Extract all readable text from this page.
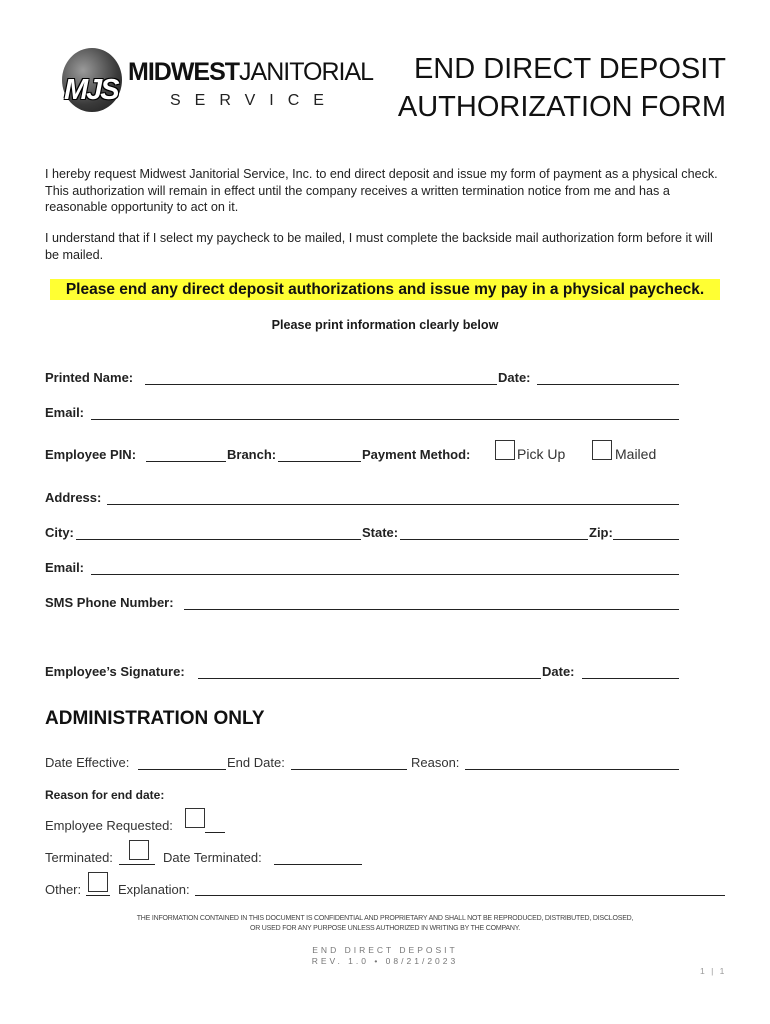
MJS
MIDWESTJANITORIAL
SERVICE
END DIRECT DEPOSIT
AUTHORIZATION FORM
I hereby request Midwest Janitorial Service, Inc. to end direct deposit and issue my form of payment as a physical check. This authorization will remain in effect until the company receives a written termination notice from me and has a reasonable opportunity to act on it.
I understand that if I select my paycheck to be mailed, I must complete the backside mail authorization form before it will be mailed.
Please end any direct deposit authorizations and issue my pay in a physical paycheck.
Please print information clearly below
Printed Name:	Date:
Email:
Employee PIN:	Branch:	Payment Method:	Pick Up	Mailed
Address:
City:	State:	Zip:
Email:
SMS Phone Number:
Employee’s Signature:	Date:
ADMINISTRATION ONLY
Date Effective:	End Date:	Reason:
Reason for end date:
Employee Requested:
Terminated:	Date Terminated:
Other:	Explanation:
THE INFORMATION CONTAINED IN THIS DOCUMENT IS CONFIDENTIAL AND PROPRIETARY AND SHALL NOT BE REPRODUCED, DISTRIBUTED, DISCLOSED,
OR USED FOR ANY PURPOSE UNLESS AUTHORIZED IN WRITING BY THE COMPANY.
END DIRECT DEPOSIT
REV. 1.0 • 08/21/2023
1 | 1
